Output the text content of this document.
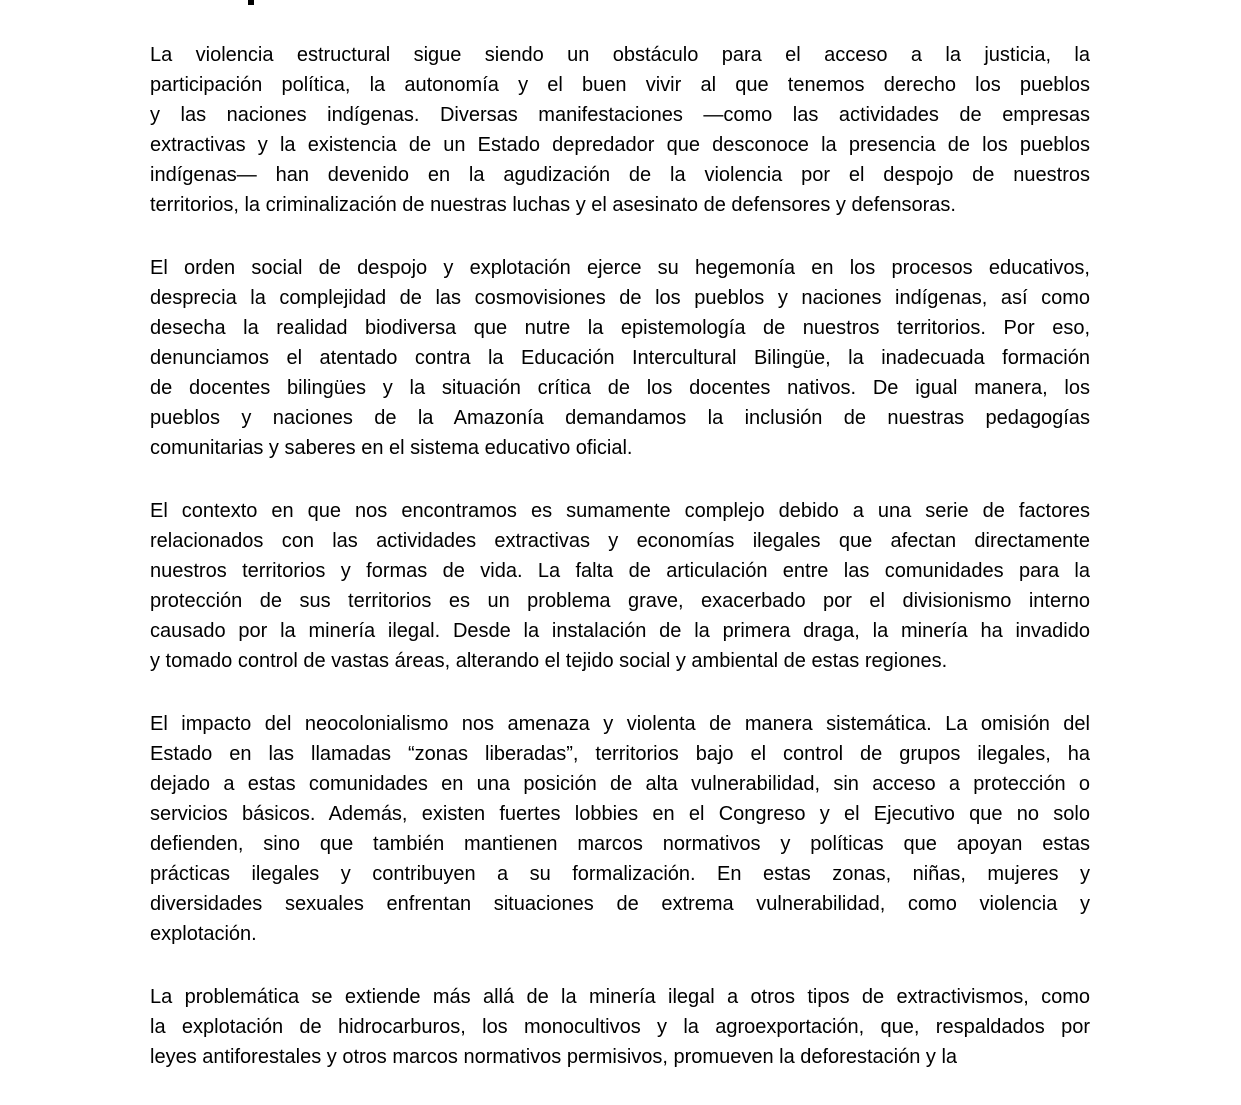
La violencia estructural sigue siendo un obstáculo para el acceso a la justicia, la
participación política, la autonomía y el buen vivir al que tenemos derecho los pueblos
y las naciones indígenas. Diversas manifestaciones —como las actividades de empresas
extractivas y la existencia de un Estado depredador que desconoce la presencia de los pueblos
indígenas— han devenido en la agudización de la violencia por el despojo de nuestros
territorios, la criminalización de nuestras luchas y el asesinato de defensores y defensoras.

El orden social de despojo y explotación ejerce su hegemonía en los procesos educativos,
desprecia la complejidad de las cosmovisiones de los pueblos y naciones indígenas, así como
desecha la realidad biodiversa que nutre la epistemología de nuestros territorios. Por eso,
denunciamos el atentado contra la Educación Intercultural Bilingüe, la inadecuada formación
de docentes bilingües y la situación crítica de los docentes nativos. De igual manera, los
pueblos y naciones de la Amazonía demandamos la inclusión de nuestras pedagogías
comunitarias y saberes en el sistema educativo oficial.

El contexto en que nos encontramos es sumamente complejo debido a una serie de factores
relacionados con las actividades extractivas y economías ilegales que afectan directamente
nuestros territorios y formas de vida. La falta de articulación entre las comunidades para la
protección de sus territorios es un problema grave, exacerbado por el divisionismo interno
causado por la minería ilegal. Desde la instalación de la primera draga, la minería ha invadido
y tomado control de vastas áreas, alterando el tejido social y ambiental de estas regiones.

El impacto del neocolonialismo nos amenaza y violenta de manera sistemática. La omisión del
Estado en las llamadas “zonas liberadas”, territorios bajo el control de grupos ilegales, ha
dejado a estas comunidades en una posición de alta vulnerabilidad, sin acceso a protección o
servicios básicos. Además, existen fuertes lobbies en el Congreso y el Ejecutivo que no solo
defienden, sino que también mantienen marcos normativos y políticas que apoyan estas
prácticas ilegales y contribuyen a su formalización. En estas zonas, niñas, mujeres y
diversidades sexuales enfrentan situaciones de extrema vulnerabilidad, como violencia y
explotación.

La problemática se extiende más allá de la minería ilegal a otros tipos de extractivismos, como
la explotación de hidrocarburos, los monocultivos y la agroexportación, que, respaldados por
leyes antiforestales y otros marcos normativos permisivos, promueven la deforestación y la
